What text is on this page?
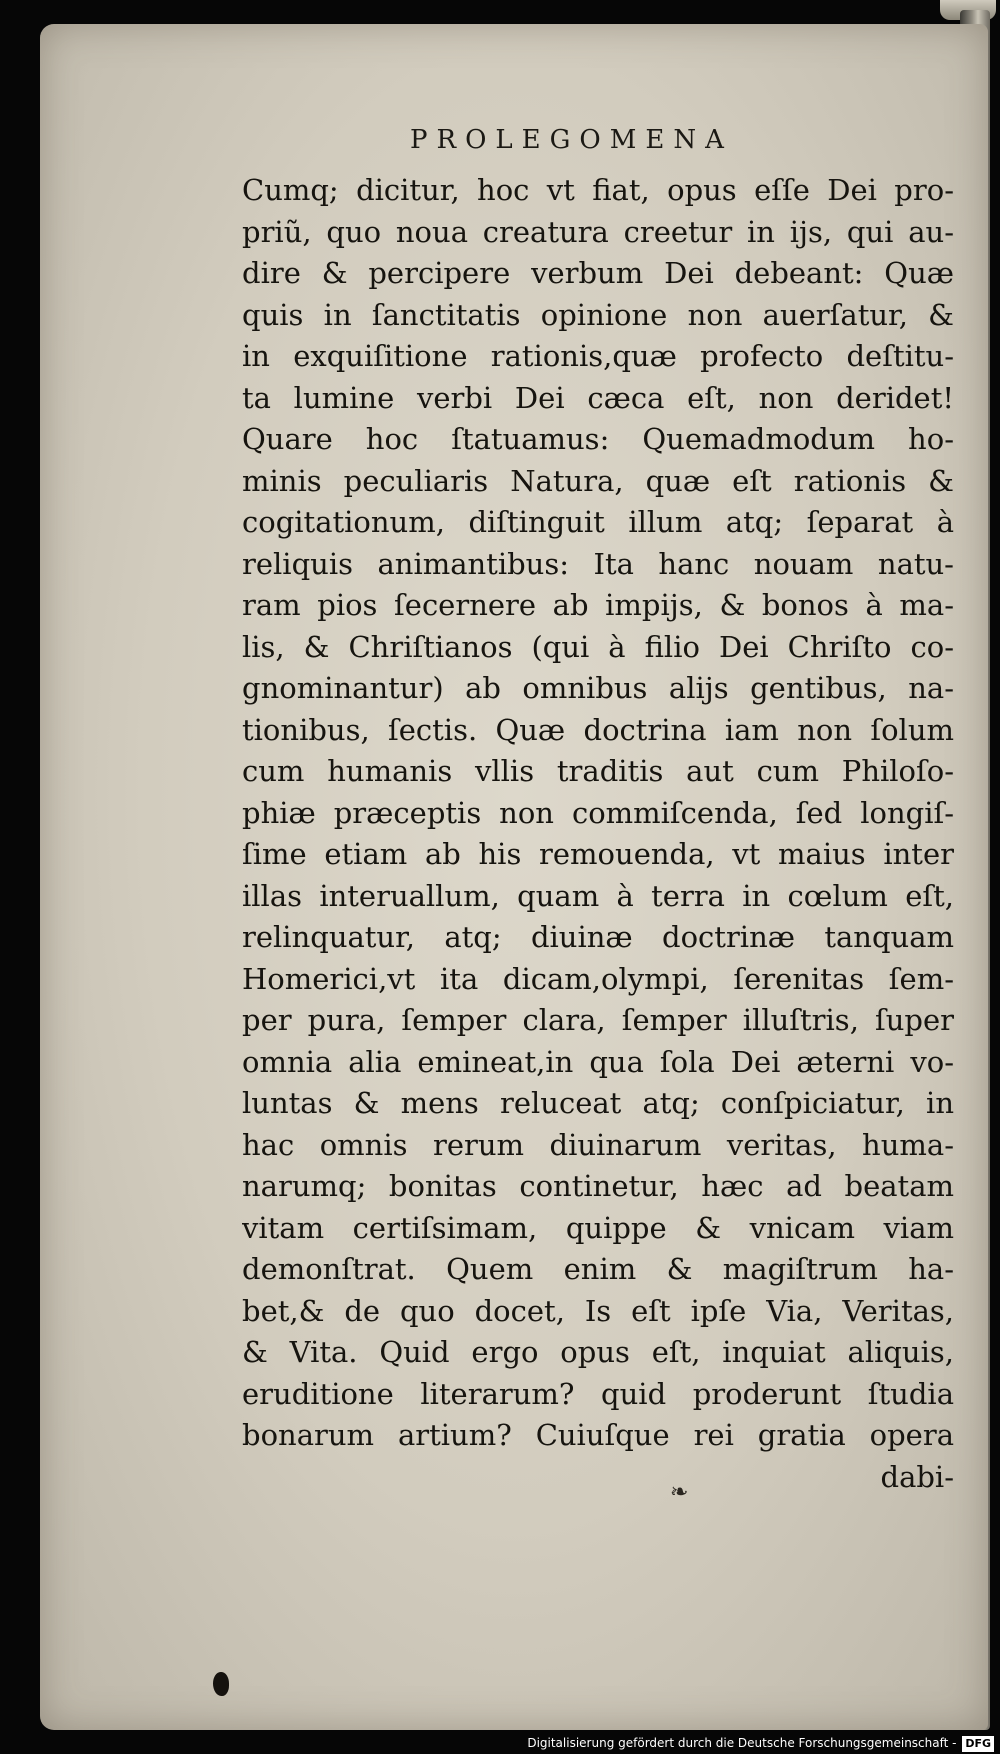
PROLEGOMENA
Cumq; dicitur, hoc vt fiat, opus eſſe Dei pro-
priũ, quo noua creatura creetur in ijs, qui au-
dire & percipere verbum Dei debeant: Quæ
quis in ſanctitatis opinione non auerſatur, &
in exquiſitione rationis,quæ profecto deſtitu-
ta lumine verbi Dei cæca eſt, non deridet!
Quare hoc ſtatuamus: Quemadmodum ho-
minis peculiaris Natura, quæ eſt rationis &
cogitationum, diſtinguit illum atq; ſeparat à
reliquis animantibus: Ita hanc nouam natu-
ram pios ſecernere ab impijs, & bonos à ma-
lis, & Chriſtianos (qui à filio Dei Chriſto co-
gnominantur) ab omnibus alijs gentibus, na-
tionibus, ſectis. Quæ doctrina iam non ſolum
cum humanis vllis traditis aut cum Philoſo-
phiæ præceptis non commiſcenda, ſed longiſ-
ſime etiam ab his remouenda, vt maius inter
illas interuallum, quam à terra in cœlum eſt,
relinquatur, atq; diuinæ doctrinæ tanquam
Homerici,vt ita dicam,olympi, ſerenitas ſem-
per pura, ſemper clara, ſemper illuſtris, ſuper
omnia alia emineat,in qua ſola Dei æterni vo-
luntas & mens reluceat atq; conſpiciatur, in
hac omnis rerum diuinarum veritas, huma-
narumq; bonitas continetur, hæc ad beatam
vitam certiſsimam, quippe & vnicam viam
demonſtrat. Quem enim & magiſtrum ha-
bet,& de quo docet, Is eſt ipſe Via, Veritas,
& Vita. Quid ergo opus eſt, inquiat aliquis,
eruditione literarum? quid proderunt ſtudia
bonarum artium? Cuiuſque rei gratia opera
dabi-
❧
Digitalisierung gefördert durch die Deutsche Forschungsgemeinschaft - DFG
